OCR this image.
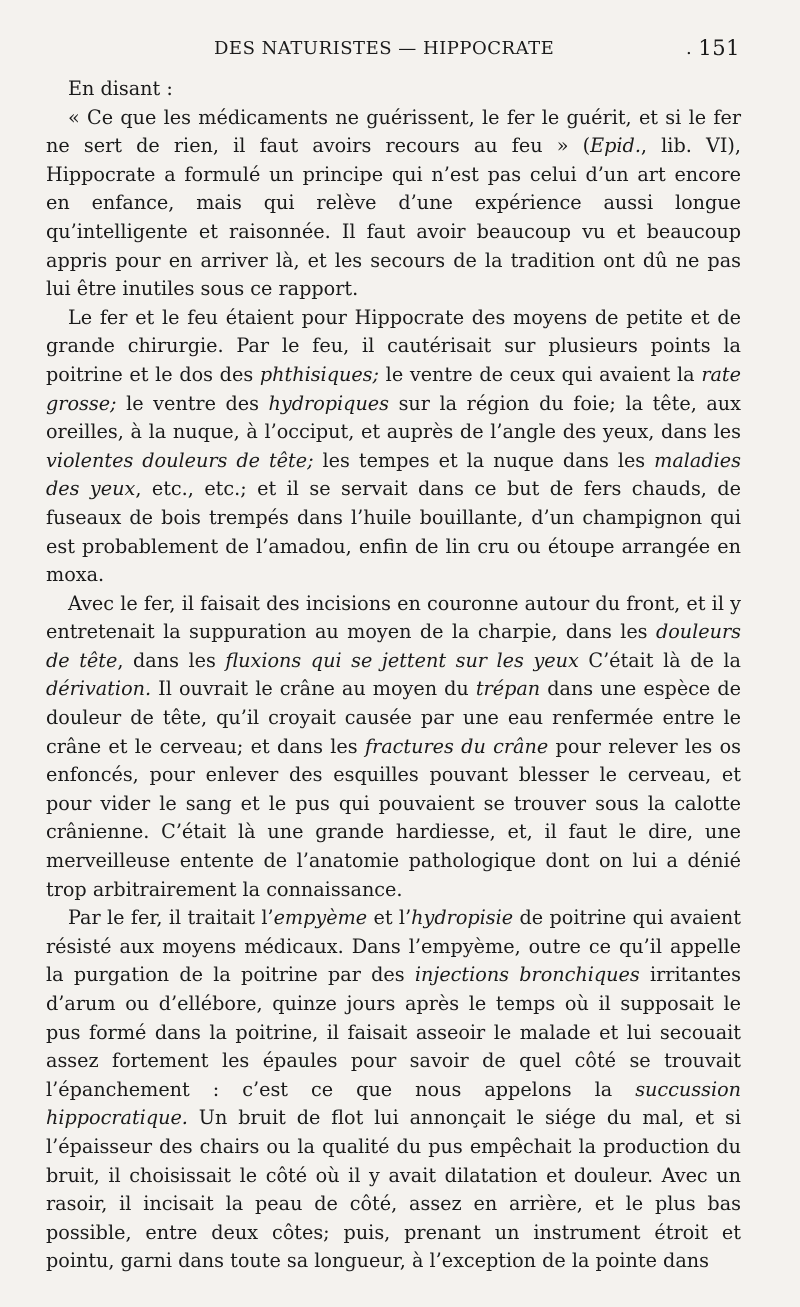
DES NATURISTES — HIPPOCRATE	. 151

En disant :

« Ce que les médicaments ne guérissent, le fer le guérit, et si le fer ne sert de rien, il faut avoirs recours au feu » (Epid., lib. VI), Hippocrate a formulé un principe qui n’est pas celui d’un art encore en enfance, mais qui relève d’une expérience aussi longue qu’intelligente et raisonnée. Il faut avoir beaucoup vu et beaucoup appris pour en arriver là, et les secours de la tradition ont dû ne pas lui être inutiles sous ce rapport.

Le fer et le feu étaient pour Hippocrate des moyens de petite et de grande chirurgie. Par le feu, il cautérisait sur plusieurs points la poitrine et le dos des phthisiques; le ventre de ceux qui avaient la rate grosse; le ventre des hydropiques sur la région du foie; la tête, aux oreilles, à la nuque, à l’occiput, et auprès de l’angle des yeux, dans les violentes douleurs de tête; les tempes et la nuque dans les maladies des yeux, etc., etc.; et il se servait dans ce but de fers chauds, de fuseaux de bois trempés dans l’huile bouillante, d’un champignon qui est probablement de l’amadou, enfin de lin cru ou étoupe arrangée en moxa.

Avec le fer, il faisait des incisions en couronne autour du front, et il y entretenait la suppuration au moyen de la charpie, dans les douleurs de tête, dans les fluxions qui se jettent sur les yeux C’était là de la dérivation. Il ouvrait le crâne au moyen du trépan dans une espèce de douleur de tête, qu’il croyait causée par une eau renfermée entre le crâne et le cerveau; et dans les fractures du crâne pour relever les os enfoncés, pour enlever des esquilles pouvant blesser le cerveau, et pour vider le sang et le pus qui pouvaient se trouver sous la calotte crânienne. C’était là une grande hardiesse, et, il faut le dire, une merveilleuse entente de l’anatomie pathologique dont on lui a dénié trop arbitrairement la connaissance.

Par le fer, il traitait l’empyème et l’hydropisie de poitrine qui avaient résisté aux moyens médicaux. Dans l’empyème, outre ce qu’il appelle la purgation de la poitrine par des injections bronchiques irritantes d’arum ou d’ellébore, quinze jours après le temps où il supposait le pus formé dans la poitrine, il faisait asseoir le malade et lui secouait assez fortement les épaules pour savoir de quel côté se trouvait l’épanchement : c’est ce que nous appelons la succussion hippocratique. Un bruit de flot lui annonçait le siége du mal, et si l’épaisseur des chairs ou la qualité du pus empêchait la production du bruit, il choisissait le côté où il y avait dilatation et douleur. Avec un rasoir, il incisait la peau de côté, assez en arrière, et le plus bas possible, entre deux côtes; puis, prenant un instrument étroit et pointu, garni dans toute sa longueur, à l’exception de la pointe dans
